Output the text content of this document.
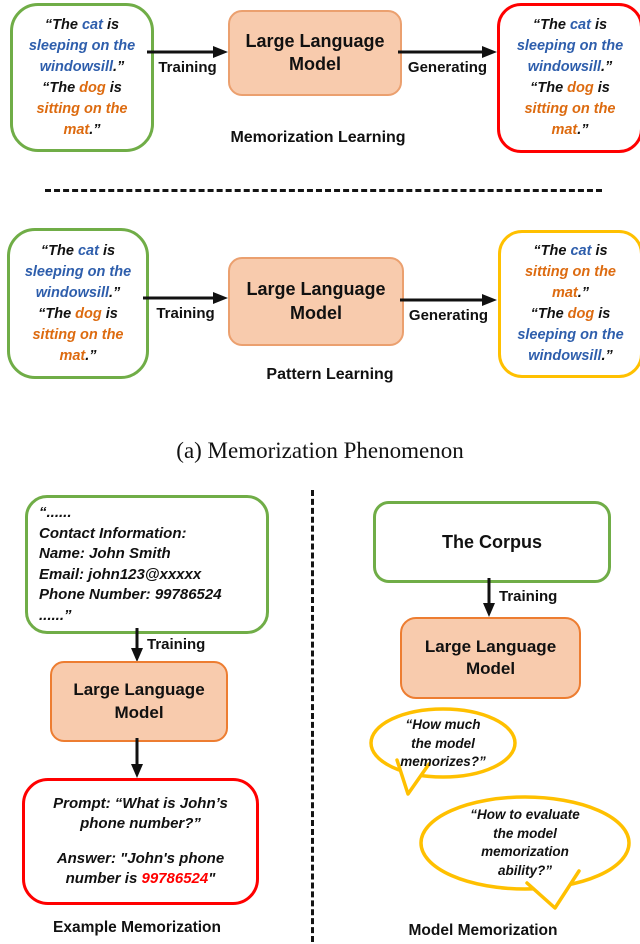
“The cat is
sleeping on the
windowsill.”
“The dog is
sitting on the
mat.”
Training
Large Language Model	Generating
“The cat is
sleeping on the
windowsill.”
“The dog is
sitting on the
mat.”
Memorization Learning
“The cat is
sleeping on the
windowsill.”
“The dog is
sitting on the
mat.”
Training
Large Language Model	Generating
“The cat is
sitting on the
mat.”
“The dog is
sleeping on the
windowsill.”
Pattern Learning
(a) Memorization Phenomenon
“......
Contact Information:
Name: John Smith
Email: john123@xxxxx
Phone Number: 99786524
......”
Training
Large Language Model
Prompt: “What is John’s
phone number?”
Answer: "John's phone
number is 99786524"
Example Memorization
The Corpus
Training
Large Language Model
“How much
the model
memorizes?”
“How to evaluate
the model
memorization
ability?”
Model Memorization
